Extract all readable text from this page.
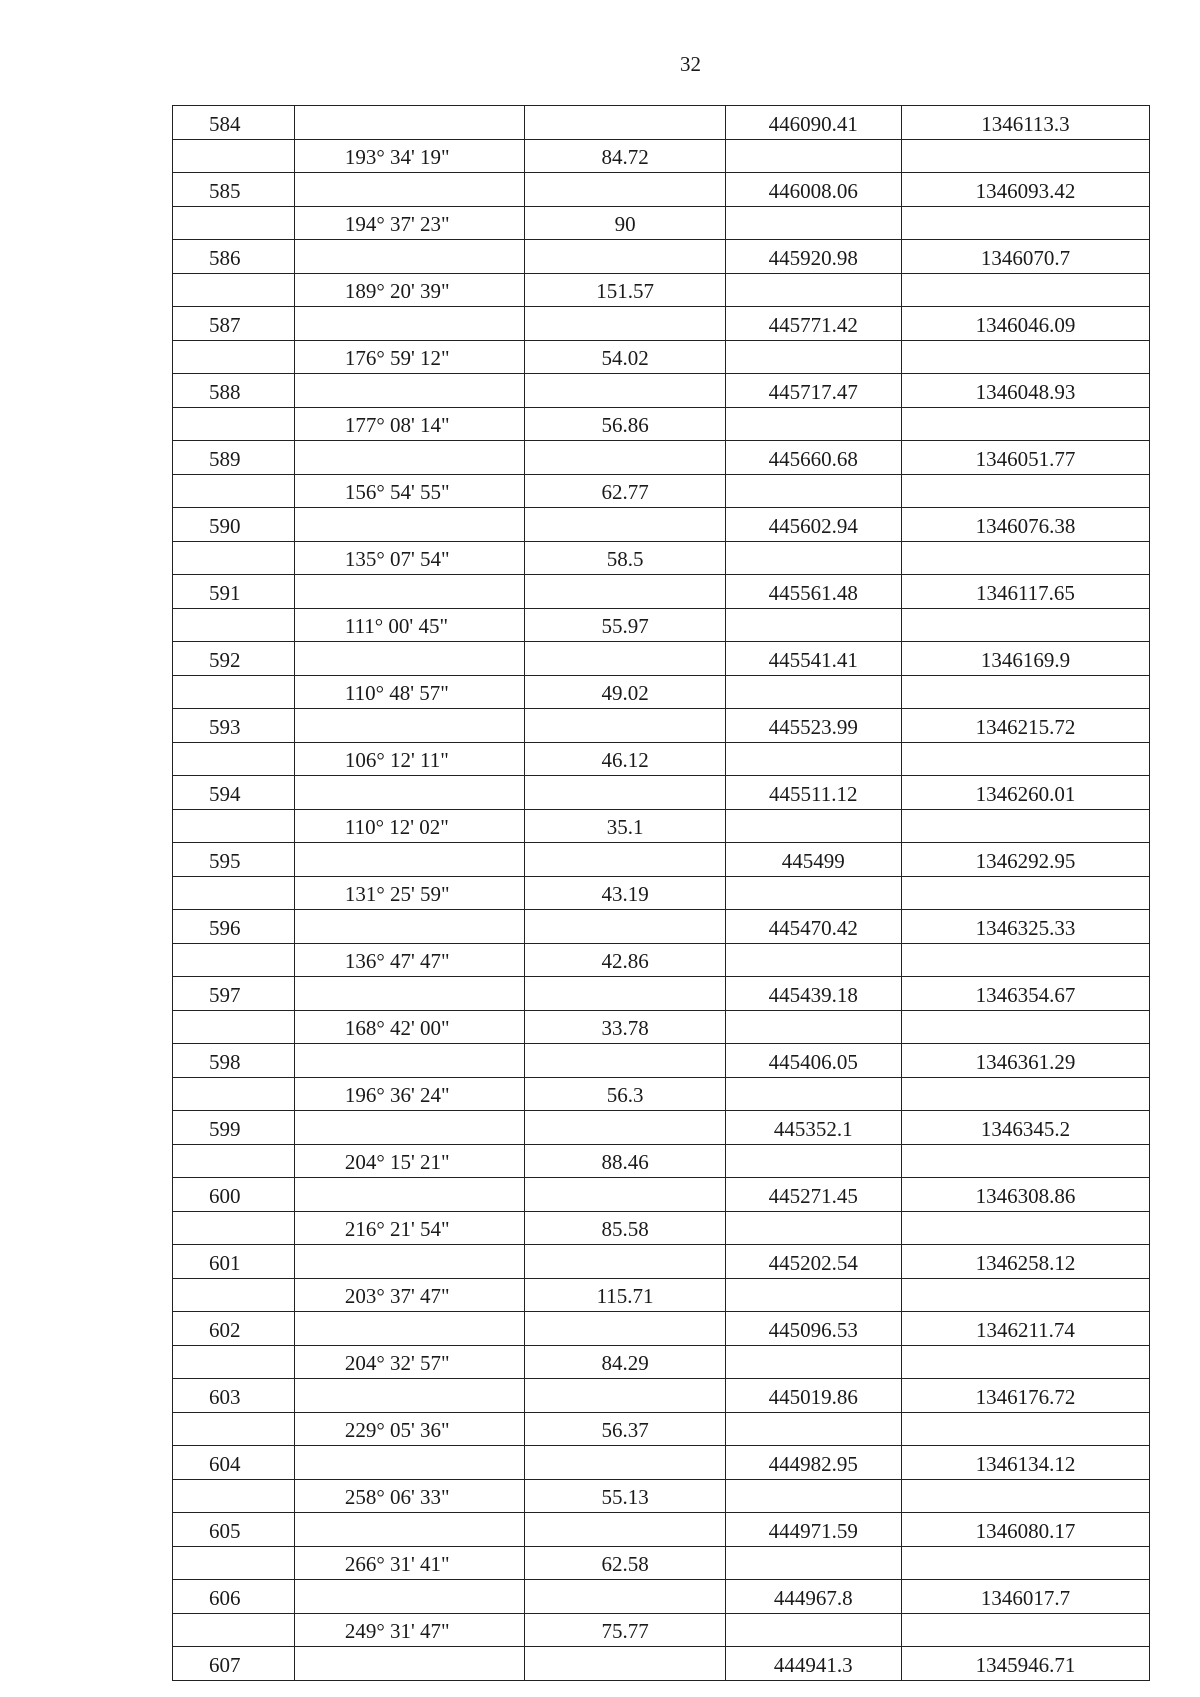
32
584			446090.41	1346113.3
	193° 34' 19"	84.72		
585			446008.06	1346093.42
	194° 37' 23"	90		
586			445920.98	1346070.7
	189° 20' 39"	151.57		
587			445771.42	1346046.09
	176° 59' 12"	54.02		
588			445717.47	1346048.93
	177° 08' 14"	56.86		
589			445660.68	1346051.77
	156° 54' 55"	62.77		
590			445602.94	1346076.38
	135° 07' 54"	58.5		
591			445561.48	1346117.65
	111° 00' 45"	55.97		
592			445541.41	1346169.9
	110° 48' 57"	49.02		
593			445523.99	1346215.72
	106° 12' 11"	46.12		
594			445511.12	1346260.01
	110° 12' 02"	35.1		
595			445499	1346292.95
	131° 25' 59"	43.19		
596			445470.42	1346325.33
	136° 47' 47"	42.86		
597			445439.18	1346354.67
	168° 42' 00"	33.78		
598			445406.05	1346361.29
	196° 36' 24"	56.3		
599			445352.1	1346345.2
	204° 15' 21"	88.46		
600			445271.45	1346308.86
	216° 21' 54"	85.58		
601			445202.54	1346258.12
	203° 37' 47"	115.71		
602			445096.53	1346211.74
	204° 32' 57"	84.29		
603			445019.86	1346176.72
	229° 05' 36"	56.37		
604			444982.95	1346134.12
	258° 06' 33"	55.13		
605			444971.59	1346080.17
	266° 31' 41"	62.58		
606			444967.8	1346017.7
	249° 31' 47"	75.77		
607			444941.3	1345946.71
